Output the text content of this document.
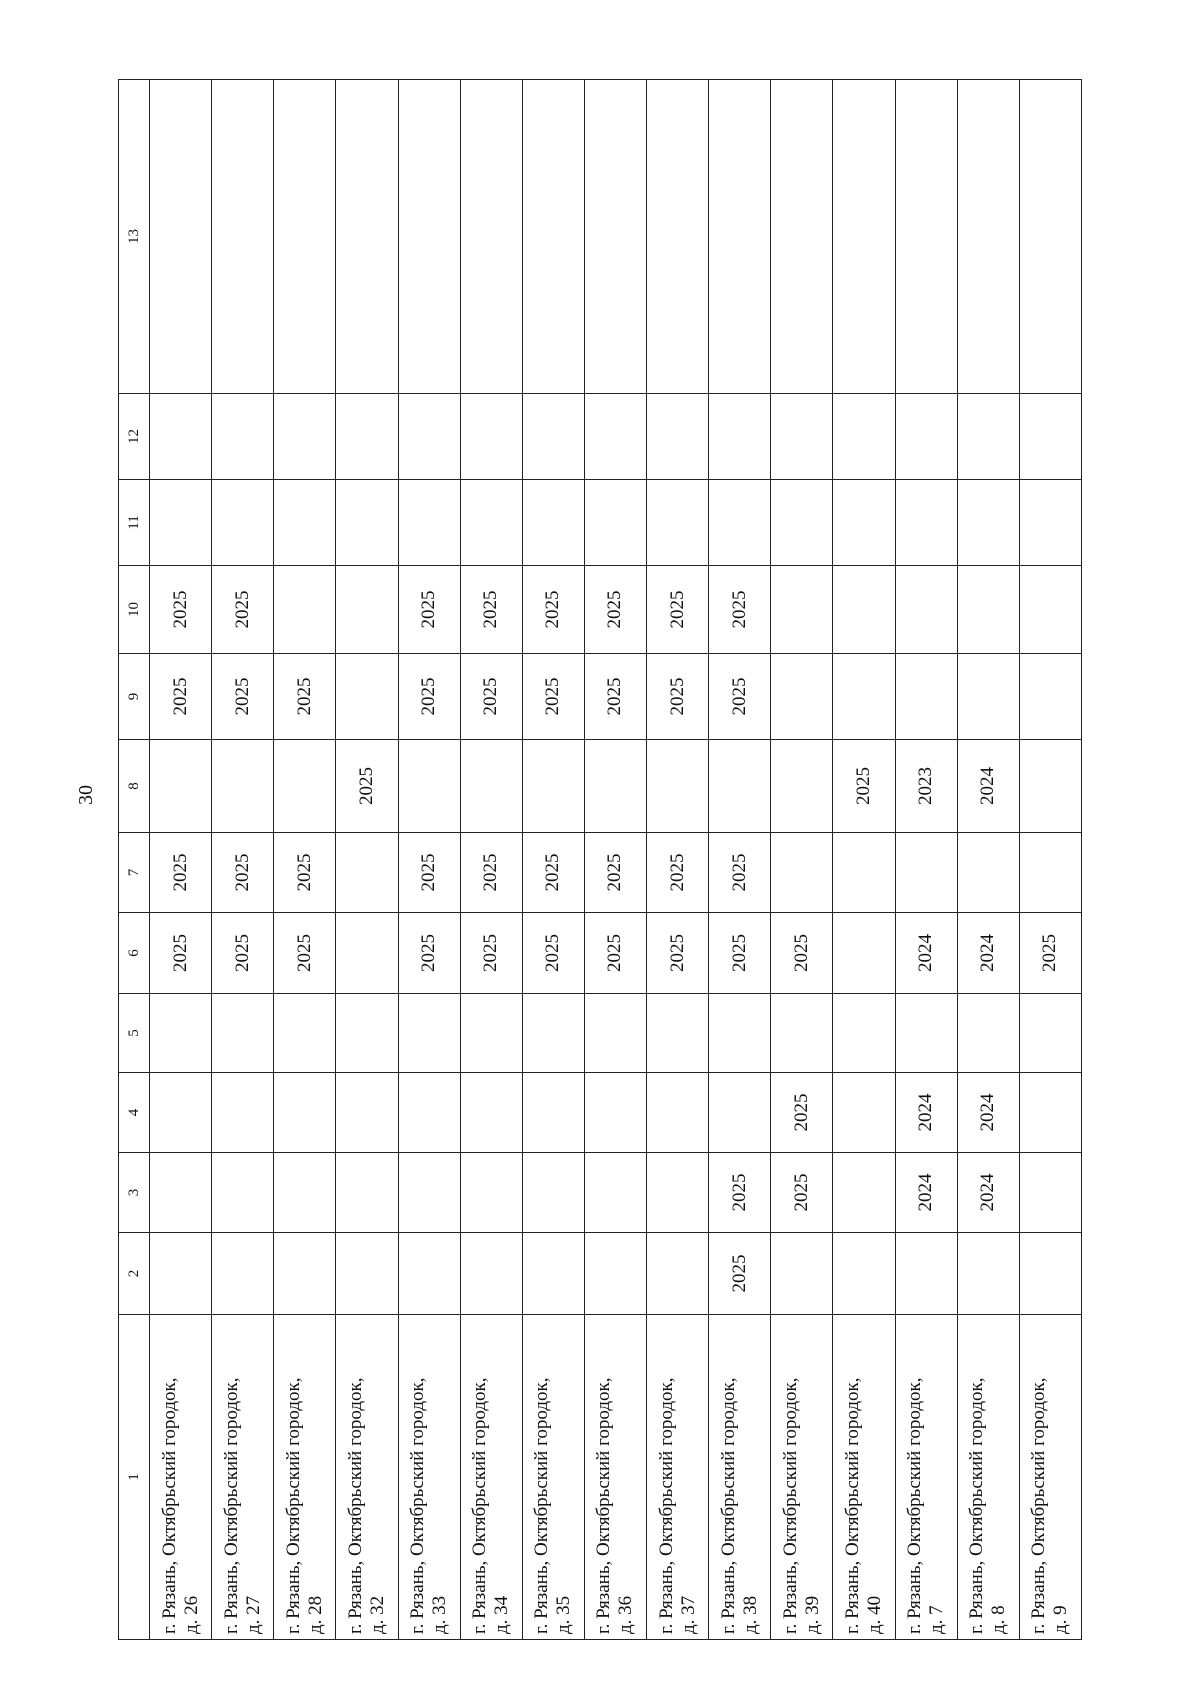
30
1	2	3	4	5	6	7	8	9	10	11	12	13
г. Рязань, Октябрьский городок, д. 26					2025	2025		2025	2025			
г. Рязань, Октябрьский городок, д. 27					2025	2025		2025	2025			
г. Рязань, Октябрьский городок, д. 28					2025	2025		2025				
г. Рязань, Октябрьский городок, д. 32							2025					
г. Рязань, Октябрьский городок, д. 33					2025	2025		2025	2025			
г. Рязань, Октябрьский городок, д. 34					2025	2025		2025	2025			
г. Рязань, Октябрьский городок, д. 35					2025	2025		2025	2025			
г. Рязань, Октябрьский городок, д. 36					2025	2025		2025	2025			
г. Рязань, Октябрьский городок, д. 37					2025	2025		2025	2025			
г. Рязань, Октябрьский городок, д. 38	2025	2025			2025	2025		2025	2025			
г. Рязань, Октябрьский городок, д. 39		2025	2025		2025							
г. Рязань, Октябрьский городок, д. 40							2025					
г. Рязань, Октябрьский городок, д. 7		2024	2024		2024		2023					
г. Рязань, Октябрьский городок, д. 8		2024	2024		2024		2024					
г. Рязань, Октябрьский городок, д. 9					2025							
